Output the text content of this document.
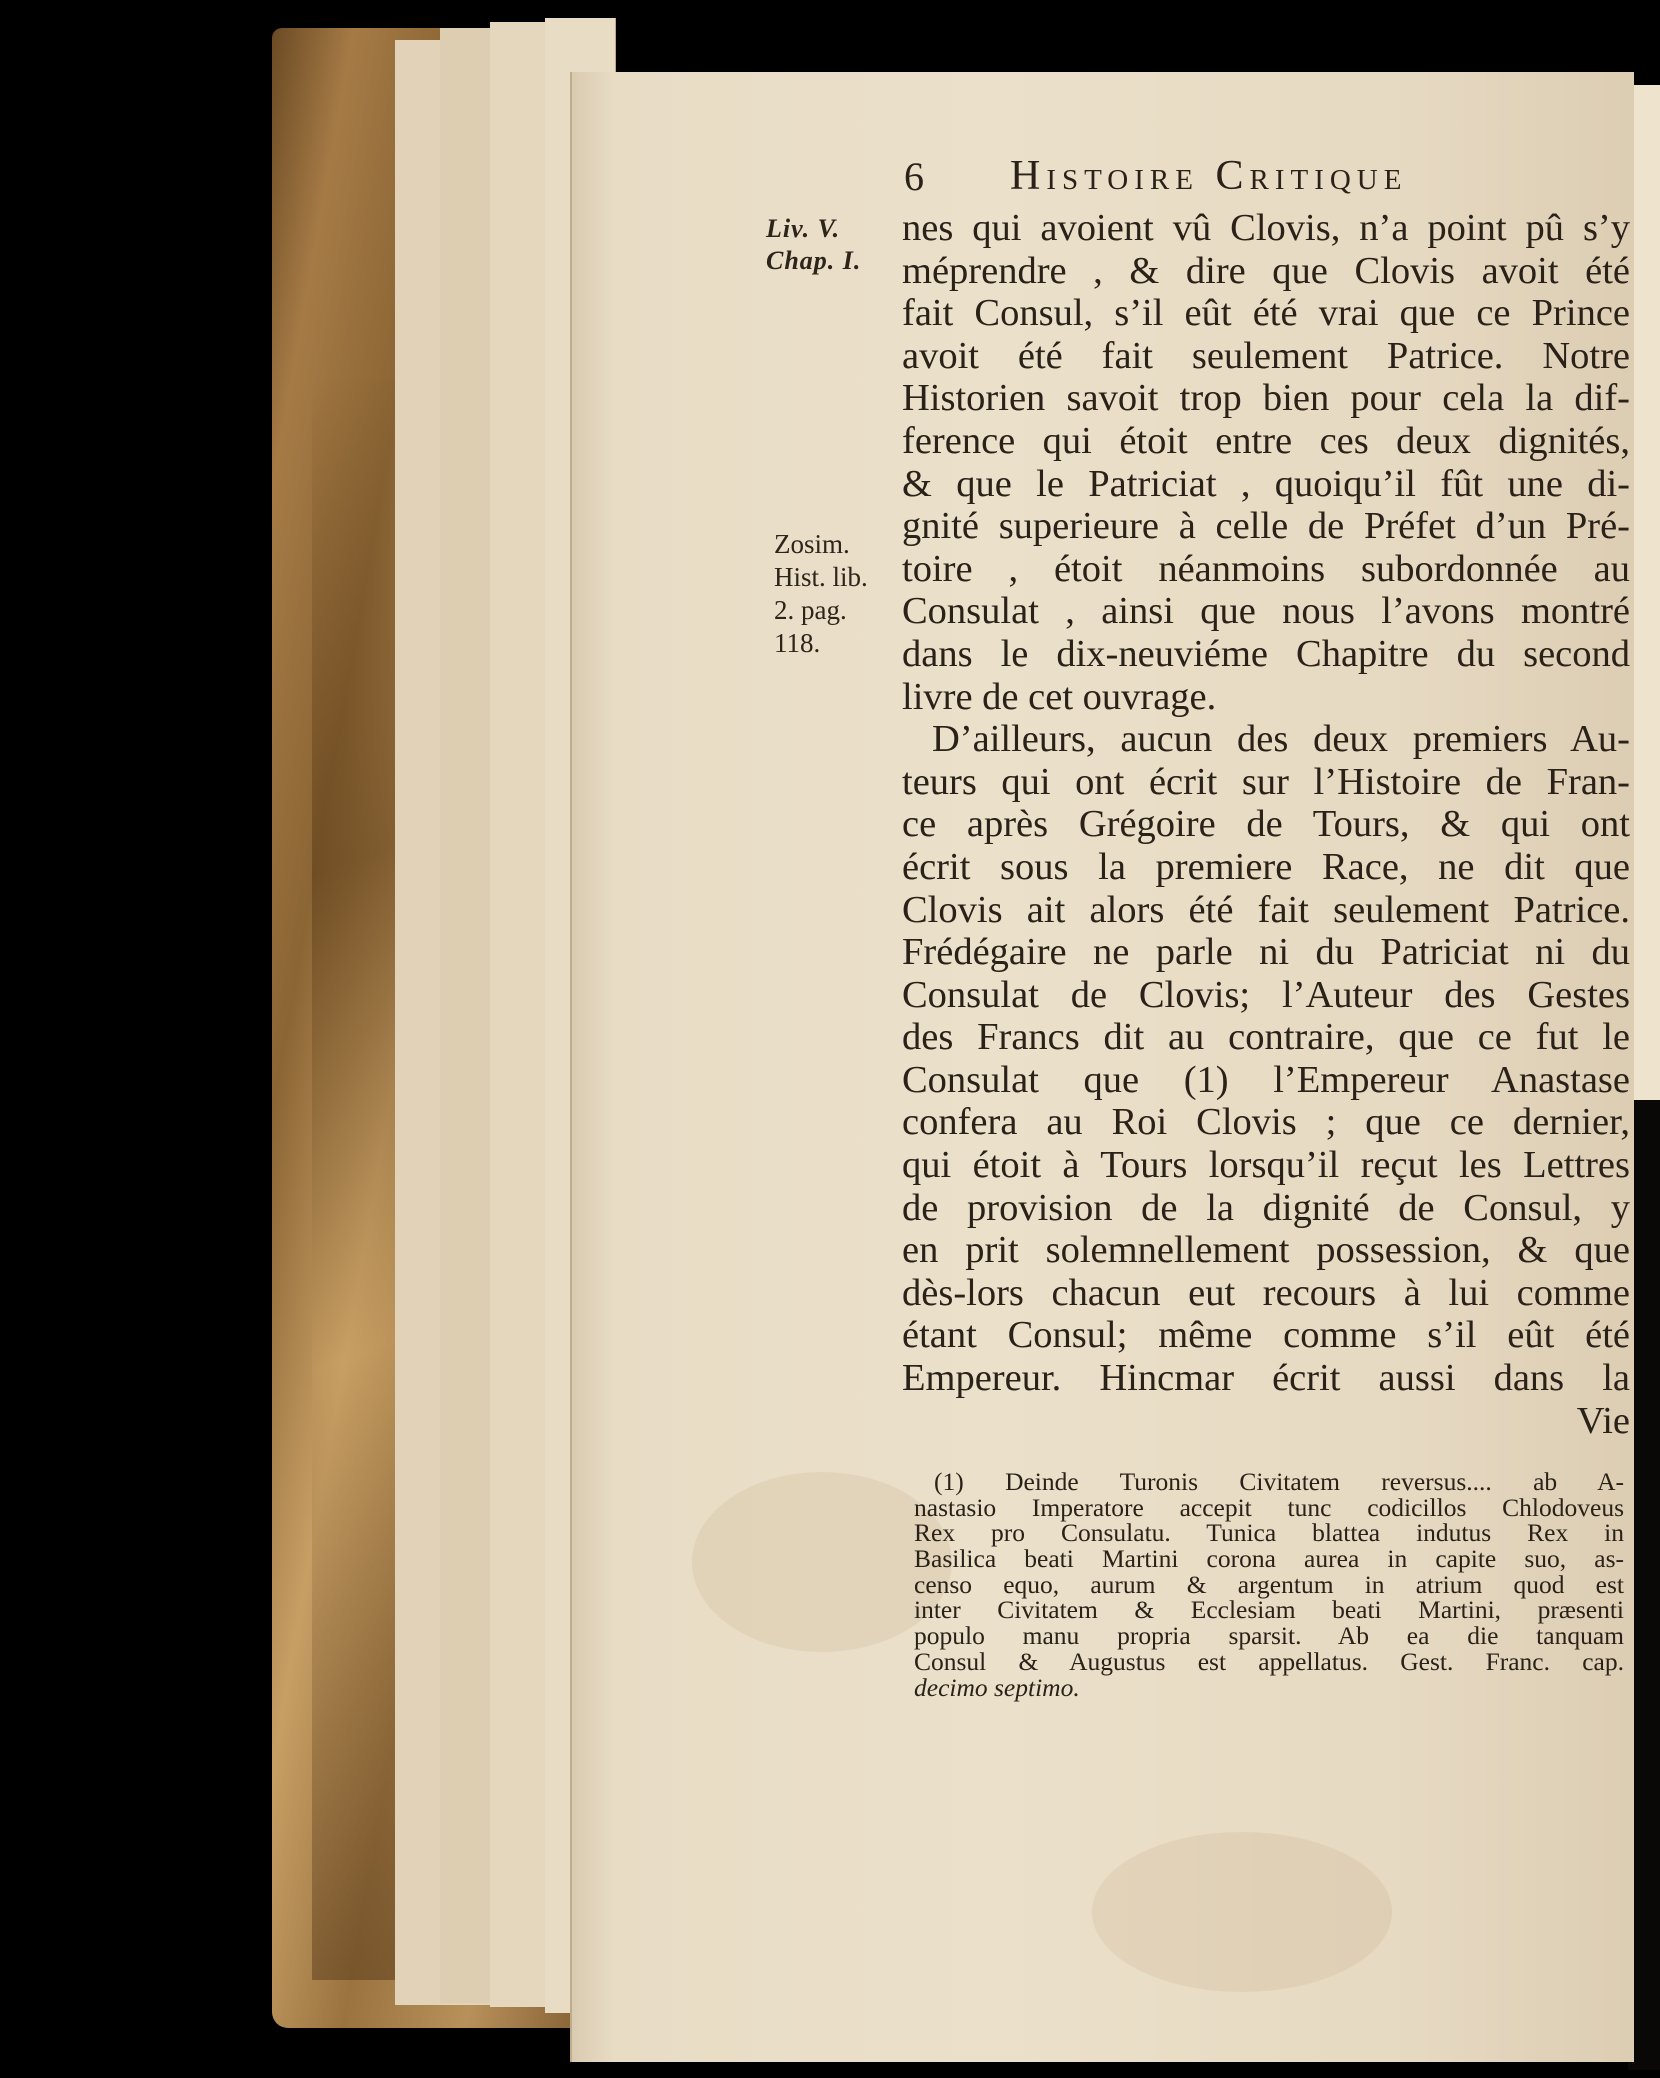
6 Histoire Critique
Liv. V.
Chap. I.
Zosim.
Hist. lib.
2. pag.
118.
nes qui avoient vû Clovis, n’a point pû s’y
méprendre , & dire que Clovis avoit été
fait Consul, s’il eût été vrai que ce Prince
avoit été fait seulement Patrice. Notre
Historien savoit trop bien pour cela la dif-
ference qui étoit entre ces deux dignités,
& que le Patriciat , quoiqu’il fût une di-
gnité superieure à celle de Préfet d’un Pré-
toire , étoit néanmoins subordonnée au
Consulat , ainsi que nous l’avons montré
dans le dix-neuviéme Chapitre du second
livre de cet ouvrage.
D’ailleurs, aucun des deux premiers Au-
teurs qui ont écrit sur l’Histoire de Fran-
ce après Grégoire de Tours, & qui ont
écrit sous la premiere Race, ne dit que
Clovis ait alors été fait seulement Patrice.
Frédégaire ne parle ni du Patriciat ni du
Consulat de Clovis; l’Auteur des Gestes
des Francs dit au contraire, que ce fut le
Consulat que (1) l’Empereur Anastase
confera au Roi Clovis ; que ce dernier,
qui étoit à Tours lorsqu’il reçut les Lettres
de provision de la dignité de Consul, y
en prit solemnellement possession, & que
dès-lors chacun eut recours à lui comme
étant Consul; même comme s’il eût été
Empereur. Hincmar écrit aussi dans la
Vie
(1) Deinde Turonis Civitatem reversus.... ab A-
nastasio Imperatore accepit tunc codicillos Chlodoveus
Rex pro Consulatu. Tunica blattea indutus Rex in
Basilica beati Martini corona aurea in capite suo, as-
censo equo, aurum & argentum in atrium quod est
inter Civitatem & Ecclesiam beati Martini, præsenti
populo manu propria sparsit. Ab ea die tanquam
Consul & Augustus est appellatus. Gest. Franc. cap.
decimo septimo.
